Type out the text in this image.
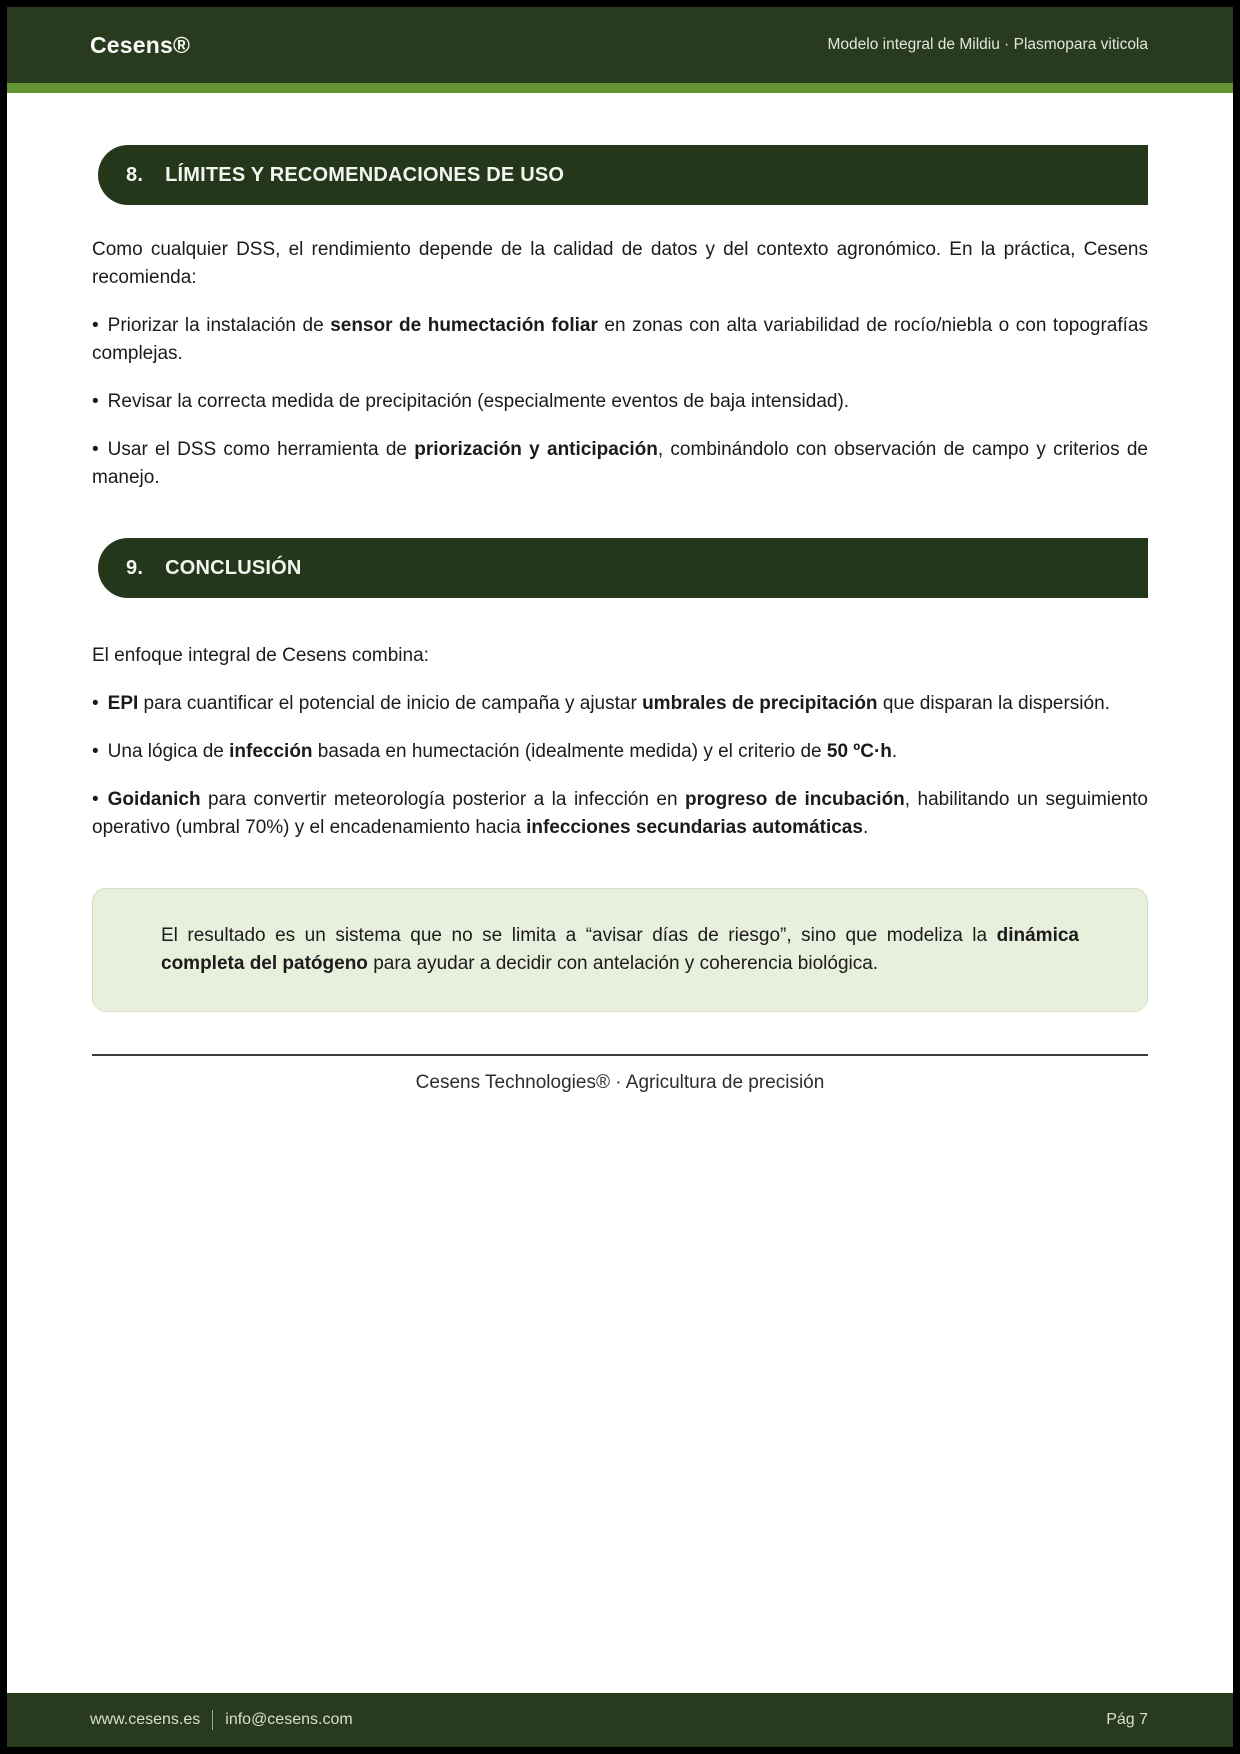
Cesens®	Modelo integral de Mildiu · Plasmopara viticola
8. LÍMITES Y RECOMENDACIONES DE USO

Como cualquier DSS, el rendimiento depende de la calidad de datos y del contexto agronómico. En la práctica, Cesens recomienda:

• Priorizar la instalación de sensor de humectación foliar en zonas con alta variabilidad de rocío/niebla o con topografías complejas.

• Revisar la correcta medida de precipitación (especialmente eventos de baja intensidad).

• Usar el DSS como herramienta de priorización y anticipación, combinándolo con observación de campo y criterios de manejo.

9. CONCLUSIÓN

El enfoque integral de Cesens combina:

• EPI para cuantificar el potencial de inicio de campaña y ajustar umbrales de precipitación que disparan la dispersión.

• Una lógica de infección basada en humectación (idealmente medida) y el criterio de 50 ºC·h.

• Goidanich para convertir meteorología posterior a la infección en progreso de incubación, habilitando un seguimiento operativo (umbral 70%) y el encadenamiento hacia infecciones secundarias automáticas.

El resultado es un sistema que no se limita a “avisar días de riesgo”, sino que modeliza la dinámica completa del patógeno para ayudar a decidir con antelación y coherencia biológica.

Cesens Technologies® · Agricultura de precisión
www.cesens.es info@cesens.com	Pág 7
